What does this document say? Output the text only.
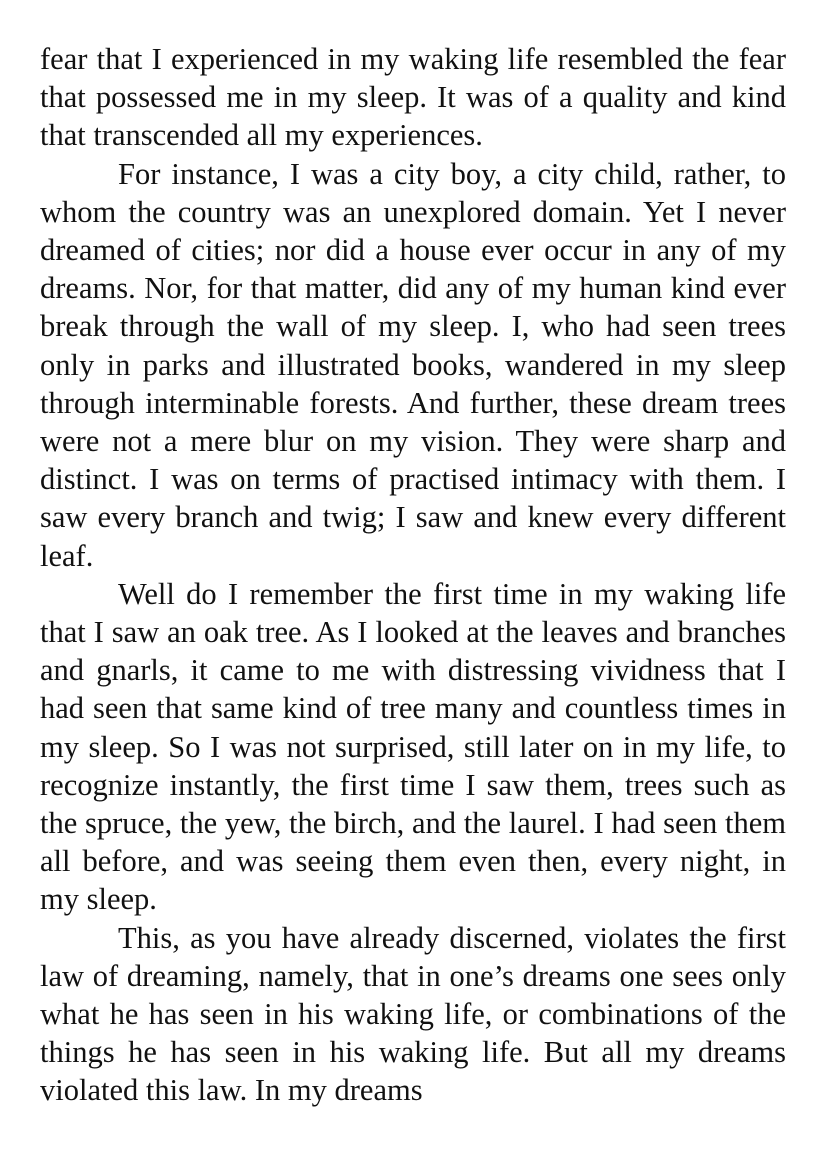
fear that I experienced in my waking life resembled the fear that possessed me in my sleep. It was of a quality and kind that transcended all my experiences.

For instance, I was a city boy, a city child, rather, to whom the country was an unexplored domain. Yet I never dreamed of cities; nor did a house ever occur in any of my dreams. Nor, for that matter, did any of my human kind ever break through the wall of my sleep. I, who had seen trees only in parks and illustrated books, wandered in my sleep through interminable forests. And further, these dream trees were not a mere blur on my vision. They were sharp and distinct. I was on terms of practised intimacy with them. I saw every branch and twig; I saw and knew every different leaf.

Well do I remember the first time in my waking life that I saw an oak tree. As I looked at the leaves and branches and gnarls, it came to me with distressing vividness that I had seen that same kind of tree many and countless times in my sleep. So I was not surprised, still later on in my life, to recognize instantly, the first time I saw them, trees such as the spruce, the yew, the birch, and the laurel. I had seen them all before, and was seeing them even then, every night, in my sleep.

This, as you have already discerned, violates the first law of dreaming, namely, that in one’s dreams one sees only what he has seen in his waking life, or combinations of the things he has seen in his waking life. But all my dreams violated this law. In my dreams
